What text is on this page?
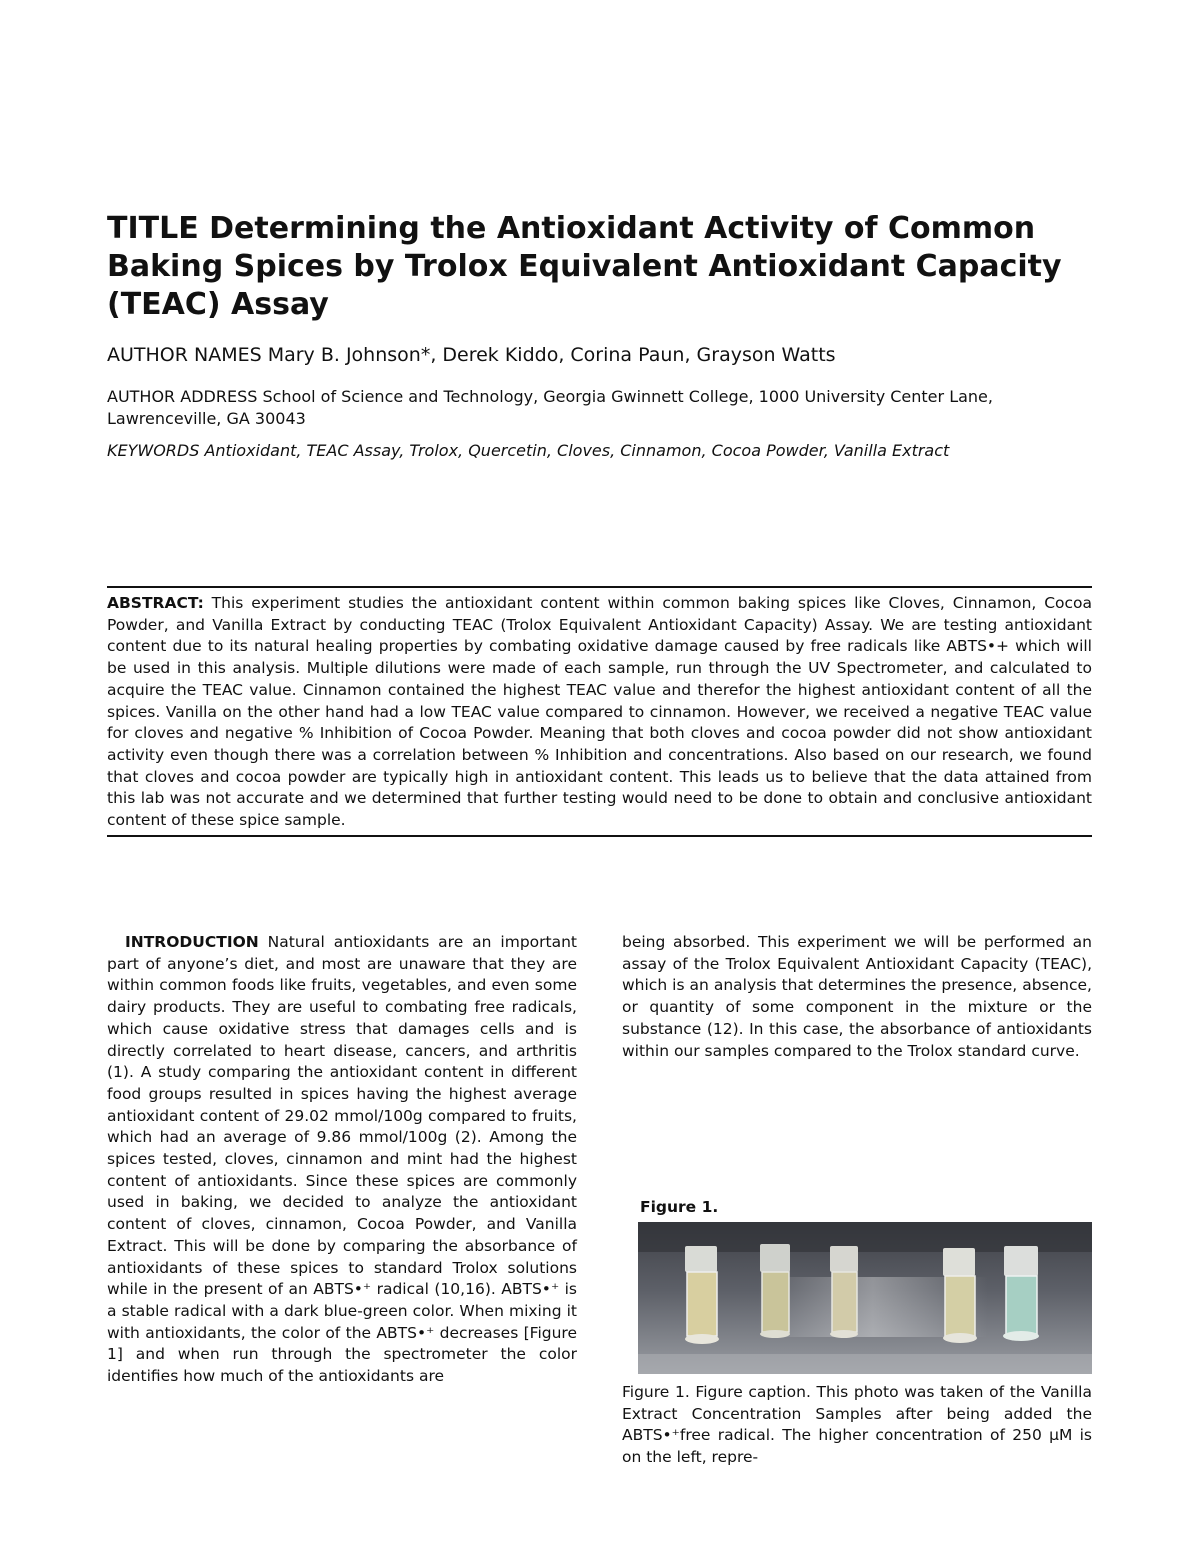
TITLE Determining the Antioxidant Activity of Common Baking Spices by Trolox Equivalent Antioxidant Capacity (TEAC) Assay
AUTHOR NAMES Mary B. Johnson*, Derek Kiddo, Corina Paun, Grayson Watts
AUTHOR ADDRESS School of Science and Technology, Georgia Gwinnett College, 1000 University Center Lane, Lawrenceville, GA 30043
KEYWORDS Antioxidant, TEAC Assay, Trolox, Quercetin, Cloves, Cinnamon, Cocoa Powder, Vanilla Extract
ABSTRACT: This experiment studies the antioxidant content within common baking spices like Cloves, Cinnamon, Cocoa Powder, and Vanilla Extract by conducting TEAC (Trolox Equivalent Antioxidant Capacity) Assay. We are testing antioxidant content due to its natural healing properties by combating oxidative damage caused by free radicals like ABTS•+ which will be used in this analysis. Multiple dilutions were made of each sample, run through the UV Spectrometer, and calculated to acquire the TEAC value. Cinnamon contained the highest TEAC value and therefor the highest antioxidant content of all the spices. Vanilla on the other hand had a low TEAC value compared to cinnamon. However, we received a negative TEAC value for cloves and negative % Inhibition of Cocoa Powder. Meaning that both cloves and cocoa powder did not show antioxidant activity even though there was a correlation between % Inhibition and concentrations. Also based on our research, we found that cloves and cocoa powder are typically high in antioxidant content. This leads us to believe that the data attained from this lab was not accurate and we determined that further testing would need to be done to obtain and conclusive antioxidant content of these spice sample.
INTRODUCTION Natural antioxidants are an important part of anyone’s diet, and most are unaware that they are within common foods like fruits, vegetables, and even some dairy products. They are useful to combating free radicals, which cause oxidative stress that damages cells and is directly correlated to heart disease, cancers, and arthritis (1). A study comparing the antioxidant content in different food groups resulted in spices having the highest average antioxidant content of 29.02 mmol/100g compared to fruits, which had an average of 9.86 mmol/100g (2). Among the spices tested, cloves, cinnamon and mint had the highest content of antioxidants. Since these spices are commonly used in baking, we decided to analyze the antioxidant content of cloves, cinnamon, Cocoa Powder, and Vanilla Extract. This will be done by comparing the absorbance of antioxidants of these spices to standard Trolox solutions while in the present of an ABTS•⁺ radical (10,16). ABTS•⁺ is a stable radical with a dark blue-green color. When mixing it with antioxidants, the color of the ABTS•⁺ decreases [Figure 1] and when run through the spectrometer the color identifies how much of the antioxidants are
being absorbed. This experiment we will be performed an assay of the Trolox Equivalent Antioxidant Capacity (TEAC), which is an analysis that determines the presence, absence, or quantity of some component in the mixture or the substance (12). In this case, the absorbance of antioxidants within our samples compared to the Trolox standard curve.
Figure 1.
Figure 1. Figure caption. This photo was taken of the Vanilla Extract Concentration Samples after being added the ABTS•⁺free radical. The higher concentration of 250 μM is on the left, repre-
